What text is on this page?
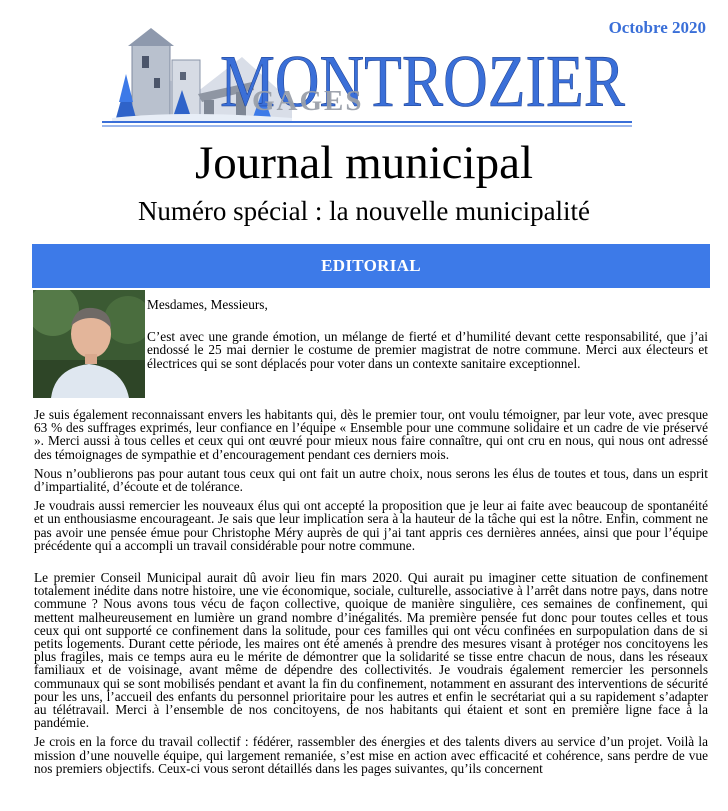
Octobre 2020
MONTROZIER
GAGES
Journal municipal
Numéro spécial : la nouvelle municipalité
EDITORIAL

Mesdames, Messieurs,

C’est avec une grande émotion, un mélange de fierté et d’humilité devant cette responsabilité, que j’ai endossé le 25 mai dernier le costume de premier magistrat de notre commune. Merci aux électeurs et électrices qui se sont déplacés pour voter dans un contexte sanitaire exceptionnel.

Je suis également reconnaissant envers les habitants qui, dès le premier tour, ont voulu témoigner, par leur vote, avec presque 63 % des suffrages exprimés, leur confiance en l’équipe « Ensemble pour une commune solidaire et un cadre de vie préservé ». Merci aussi à tous celles et ceux qui ont œuvré pour mieux nous faire connaître, qui ont cru en nous, qui nous ont adressé des témoignages de sympathie et d’encouragement pendant ces derniers mois.

Nous n’oublierons pas pour autant tous ceux qui ont fait un autre choix, nous serons les élus de toutes et tous, dans un esprit d’impartialité, d’écoute et de tolérance.

Je voudrais aussi remercier les nouveaux élus qui ont accepté la proposition que je leur ai faite avec beaucoup de spontanéité et un enthousiasme encourageant. Je sais que leur implication sera à la hauteur de la tâche qui est la nôtre. Enfin, comment ne pas avoir une pensée émue pour Christophe Méry auprès de qui j’ai tant appris ces dernières années, ainsi que pour l’équipe précédente qui a accompli un travail considérable pour notre commune.

Le premier Conseil Municipal aurait dû avoir lieu fin mars 2020. Qui aurait pu imaginer cette situation de confinement totalement inédite dans notre histoire, une vie économique, sociale, culturelle, associative à l’arrêt dans notre pays, dans notre commune ? Nous avons tous vécu de façon collective, quoique de manière singulière, ces semaines de confinement, qui mettent malheureusement en lumière un grand nombre d’inégalités. Ma première pensée fut donc pour toutes celles et tous ceux qui ont supporté ce confinement dans la solitude, pour ces familles qui ont vécu confinées en surpopulation dans de si petits logements. Durant cette période, les maires ont été amenés à prendre des mesures visant à protéger nos concitoyens les plus fragiles, mais ce temps aura eu le mérite de démontrer que la solidarité se tisse entre chacun de nous, dans les réseaux familiaux et de voisinage, avant même de dépendre des collectivités. Je voudrais également remercier les personnels communaux qui se sont mobilisés pendant et avant la fin du confinement, notamment en assurant des interventions de sécurité pour les uns, l’accueil des enfants du personnel prioritaire pour les autres et enfin le secrétariat qui a su rapidement s’adapter au télétravail. Merci à l’ensemble de nos concitoyens, de nos habitants qui étaient et sont en première ligne face à la pandémie.

Je crois en la force du travail collectif : fédérer, rassembler des énergies et des talents divers au service d’un projet. Voilà la mission d’une nouvelle équipe, qui largement remaniée, s’est mise en action avec efficacité et cohérence, sans perdre de vue nos premiers objectifs. Ceux-ci vous seront détaillés dans les pages suivantes, qu’ils concernent
